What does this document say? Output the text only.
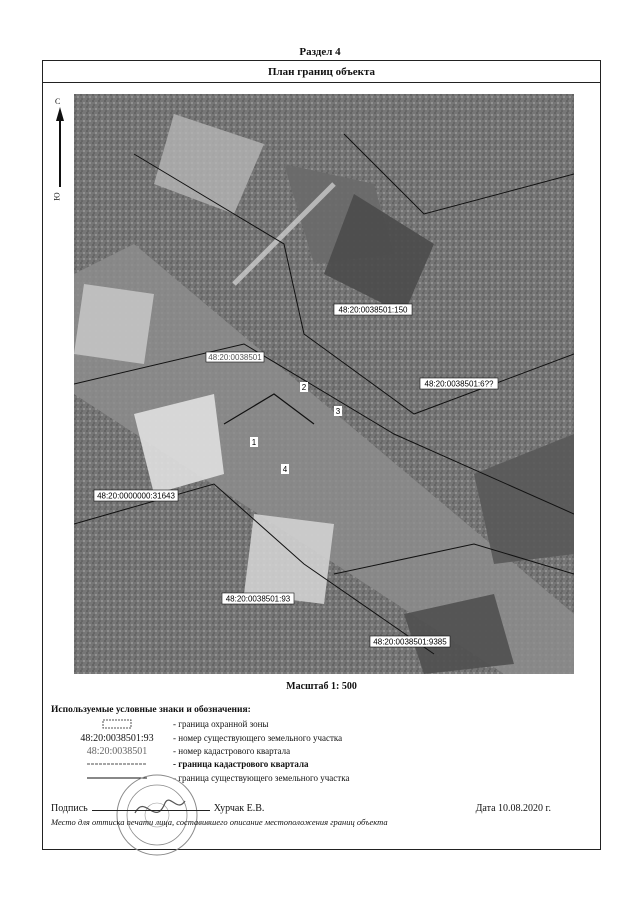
Раздел 4
План границ объекта
С
Ю
48:20:0038501:150
48:20:0038501
48:20:0038501:6??
48:20:0000000:31643
48:20:0038501:93
48:20:0038501:9385
1
2
3
4
Масштаб 1: 500
Используемые условные знаки и обозначения:
- граница охранной зоны
48:20:0038501:93	- номер существующего земельного участка
48:20:0038501	- номер кадастрового квартала
- граница кадастрового квартала
- граница существующего земельного участка
Подпись	Хурчак Е.В.	Дата 10.08.2020 г.
Место для оттиска печати лица, составившего описание местоположения границ объекта
